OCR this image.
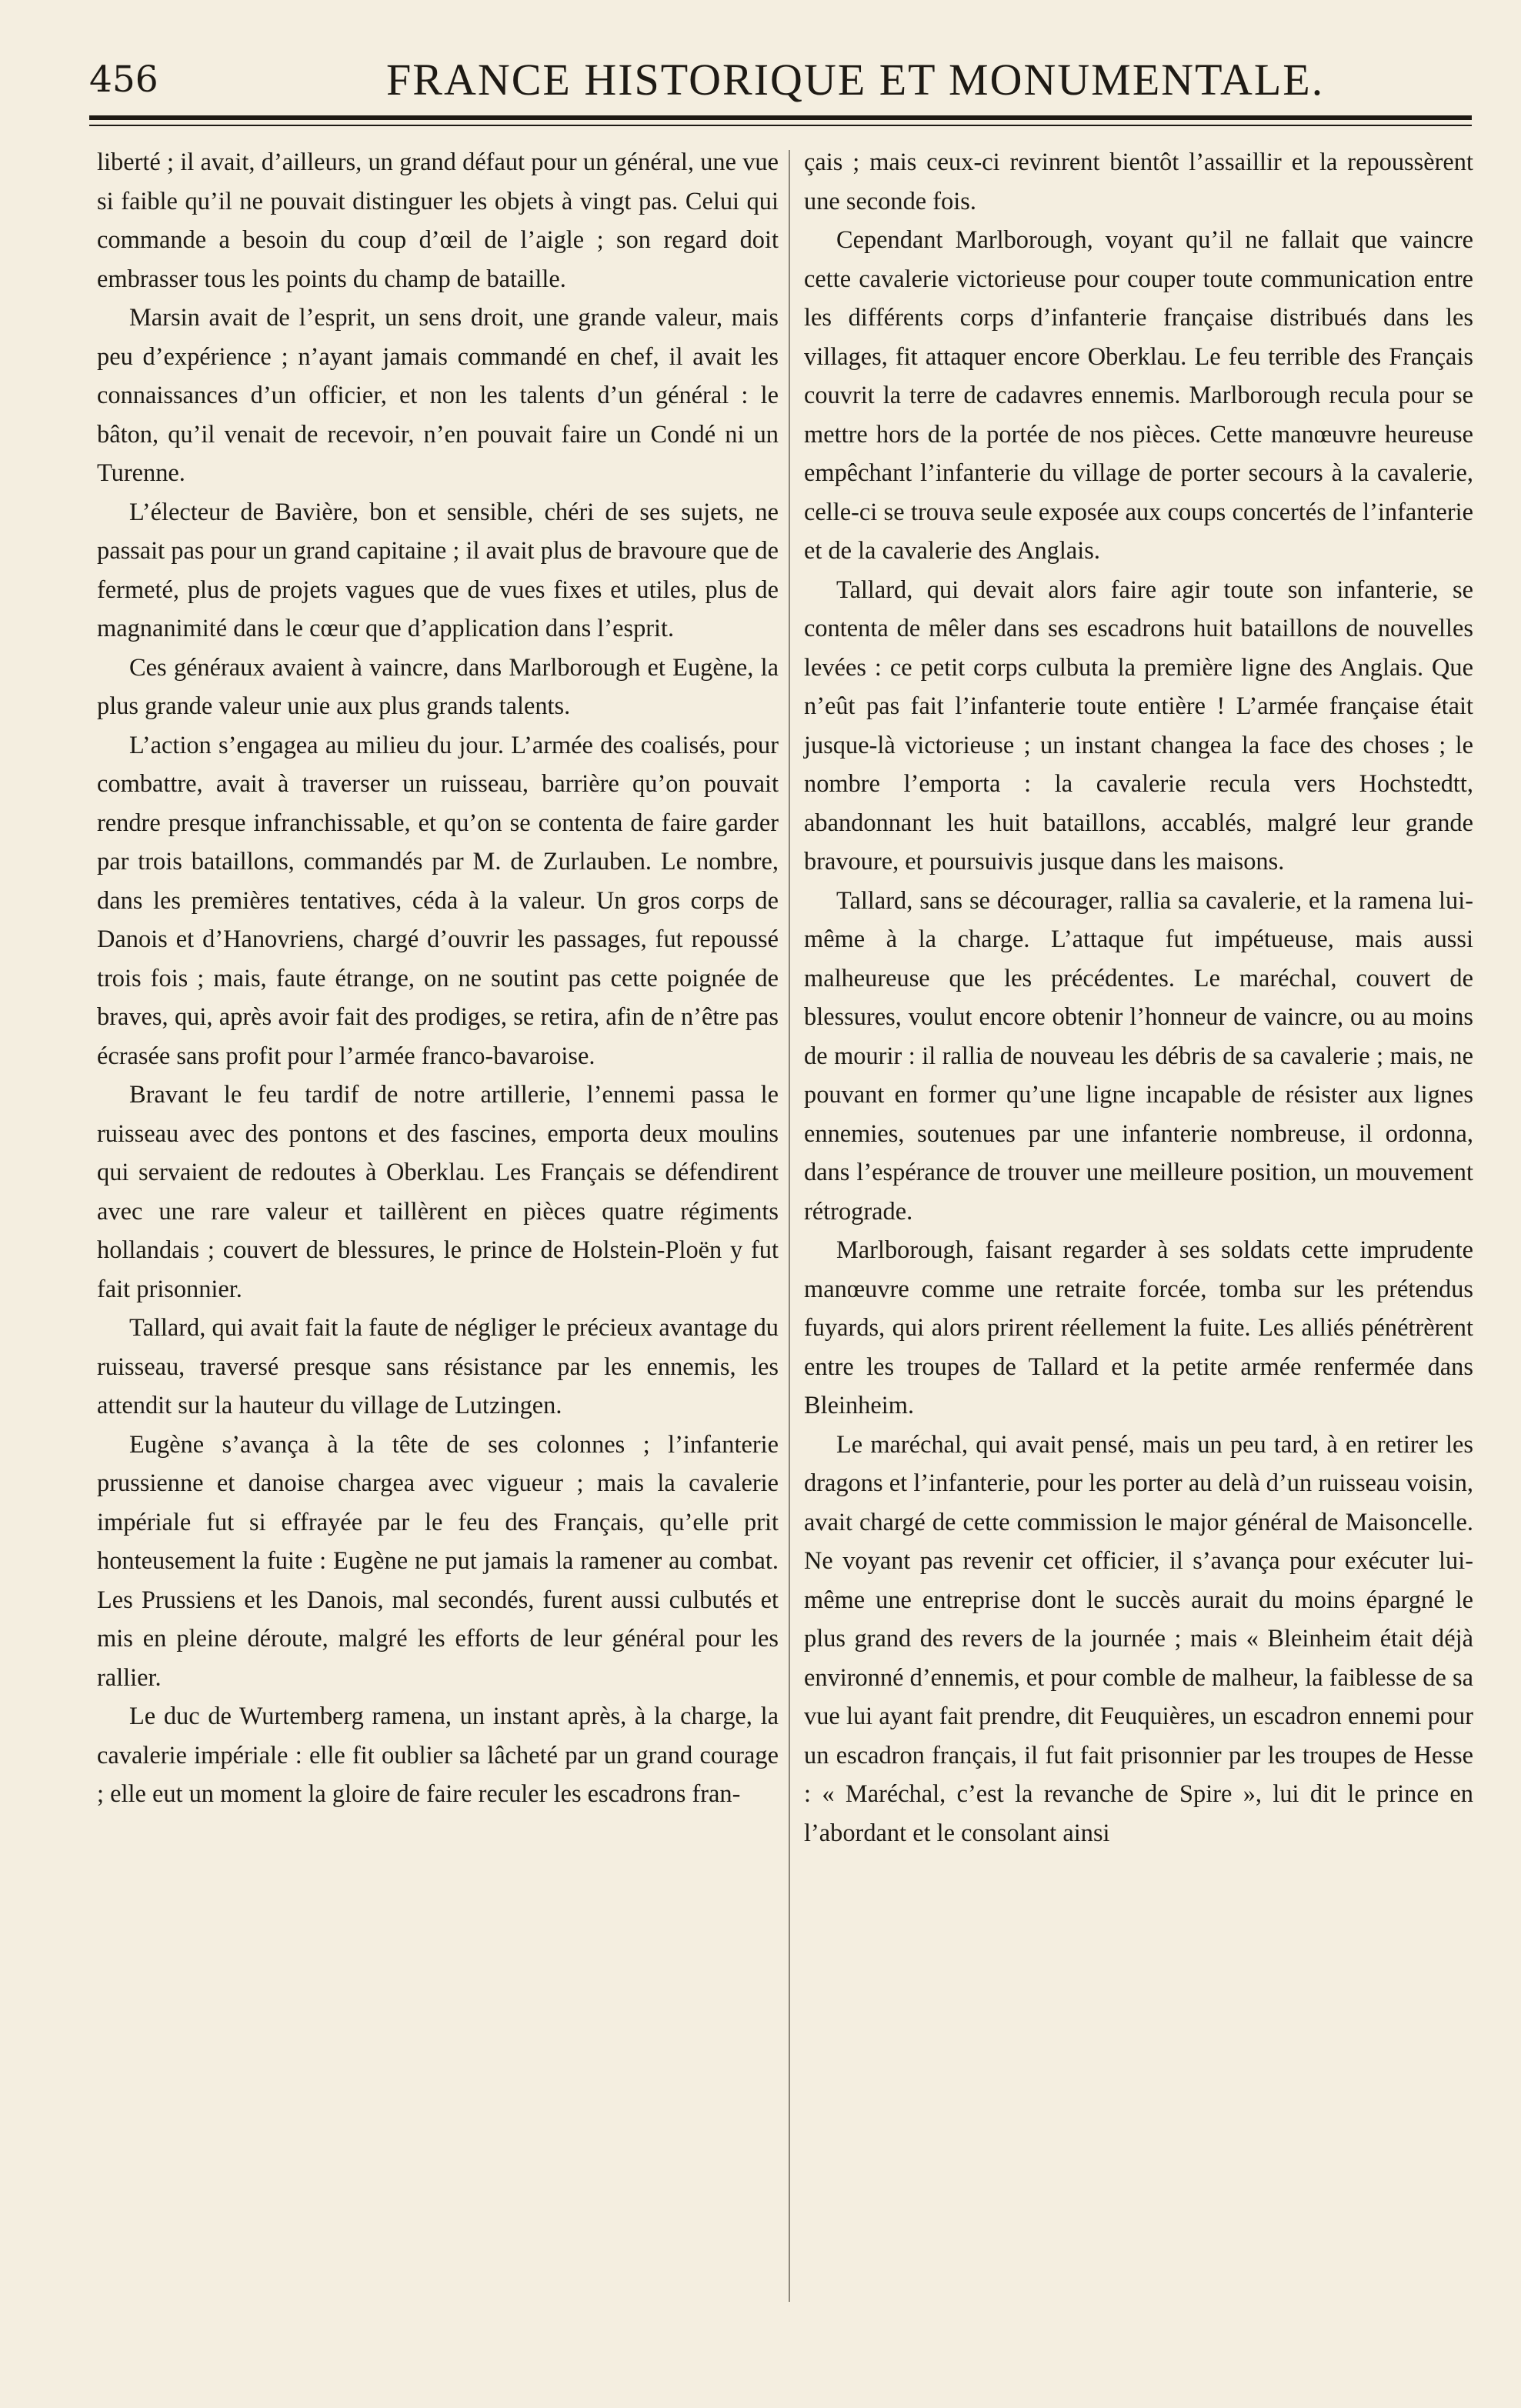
456	FRANCE HISTORIQUE ET MONUMENTALE.

liberté ; il avait, d’ailleurs, un grand défaut pour un général, une vue si faible qu’il ne pouvait distinguer les objets à vingt pas. Celui qui commande a besoin du coup d’œil de l’aigle ; son regard doit embrasser tous les points du champ de bataille.

Marsin avait de l’esprit, un sens droit, une grande valeur, mais peu d’expérience ; n’ayant jamais commandé en chef, il avait les connaissances d’un officier, et non les talents d’un général : le bâton, qu’il venait de recevoir, n’en pouvait faire un Condé ni un Turenne.

L’électeur de Bavière, bon et sensible, chéri de ses sujets, ne passait pas pour un grand capitaine ; il avait plus de bravoure que de fermeté, plus de projets vagues que de vues fixes et utiles, plus de magnanimité dans le cœur que d’application dans l’esprit.

Ces généraux avaient à vaincre, dans Marlborough et Eugène, la plus grande valeur unie aux plus grands talents.

L’action s’engagea au milieu du jour. L’armée des coalisés, pour combattre, avait à traverser un ruisseau, barrière qu’on pouvait rendre presque infranchissable, et qu’on se contenta de faire garder par trois bataillons, commandés par M. de Zurlauben. Le nombre, dans les premières tentatives, céda à la valeur. Un gros corps de Danois et d’Hanovriens, chargé d’ouvrir les passages, fut repoussé trois fois ; mais, faute étrange, on ne soutint pas cette poignée de braves, qui, après avoir fait des prodiges, se retira, afin de n’être pas écrasée sans profit pour l’armée franco-bavaroise.

Bravant le feu tardif de notre artillerie, l’ennemi passa le ruisseau avec des pontons et des fascines, emporta deux moulins qui servaient de redoutes à Oberklau. Les Français se défendirent avec une rare valeur et taillèrent en pièces quatre régiments hollandais ; couvert de blessures, le prince de Holstein-Ploën y fut fait prisonnier.

Tallard, qui avait fait la faute de négliger le précieux avantage du ruisseau, traversé presque sans résistance par les ennemis, les attendit sur la hauteur du village de Lutzingen.

Eugène s’avança à la tête de ses colonnes ; l’infanterie prussienne et danoise chargea avec vigueur ; mais la cavalerie impériale fut si effrayée par le feu des Français, qu’elle prit honteusement la fuite : Eugène ne put jamais la ramener au combat. Les Prussiens et les Danois, mal secondés, furent aussi culbutés et mis en pleine déroute, malgré les efforts de leur général pour les rallier.

Le duc de Wurtemberg ramena, un instant après, à la charge, la cavalerie impériale : elle fit oublier sa lâcheté par un grand courage ; elle eut un moment la gloire de faire reculer les escadrons fran-

çais ; mais ceux-ci revinrent bientôt l’assaillir et la repoussèrent une seconde fois.

Cependant Marlborough, voyant qu’il ne fallait que vaincre cette cavalerie victorieuse pour couper toute communication entre les différents corps d’infanterie française distribués dans les villages, fit attaquer encore Oberklau. Le feu terrible des Français couvrit la terre de cadavres ennemis. Marlborough recula pour se mettre hors de la portée de nos pièces. Cette manœuvre heureuse empêchant l’infanterie du village de porter secours à la cavalerie, celle-ci se trouva seule exposée aux coups concertés de l’infanterie et de la cavalerie des Anglais.

Tallard, qui devait alors faire agir toute son infanterie, se contenta de mêler dans ses escadrons huit bataillons de nouvelles levées : ce petit corps culbuta la première ligne des Anglais. Que n’eût pas fait l’infanterie toute entière ! L’armée française était jusque-là victorieuse ; un instant changea la face des choses ; le nombre l’emporta : la cavalerie recula vers Hochstedtt, abandonnant les huit bataillons, accablés, malgré leur grande bravoure, et poursuivis jusque dans les maisons.

Tallard, sans se décourager, rallia sa cavalerie, et la ramena lui-même à la charge. L’attaque fut impétueuse, mais aussi malheureuse que les précédentes. Le maréchal, couvert de blessures, voulut encore obtenir l’honneur de vaincre, ou au moins de mourir : il rallia de nouveau les débris de sa cavalerie ; mais, ne pouvant en former qu’une ligne incapable de résister aux lignes ennemies, soutenues par une infanterie nombreuse, il ordonna, dans l’espérance de trouver une meilleure position, un mouvement rétrograde.

Marlborough, faisant regarder à ses soldats cette imprudente manœuvre comme une retraite forcée, tomba sur les prétendus fuyards, qui alors prirent réellement la fuite. Les alliés pénétrèrent entre les troupes de Tallard et la petite armée renfermée dans Bleinheim.

Le maréchal, qui avait pensé, mais un peu tard, à en retirer les dragons et l’infanterie, pour les porter au delà d’un ruisseau voisin, avait chargé de cette commission le major général de Maisoncelle. Ne voyant pas revenir cet officier, il s’avança pour exécuter lui-même une entreprise dont le succès aurait du moins épargné le plus grand des revers de la journée ; mais « Bleinheim était déjà environné d’ennemis, et pour comble de malheur, la faiblesse de sa vue lui ayant fait prendre, dit Feuquières, un escadron ennemi pour un escadron français, il fut fait prisonnier par les troupes de Hesse : « Maréchal, c’est la revanche de Spire », lui dit le prince en l’abordant et le consolant ainsi
